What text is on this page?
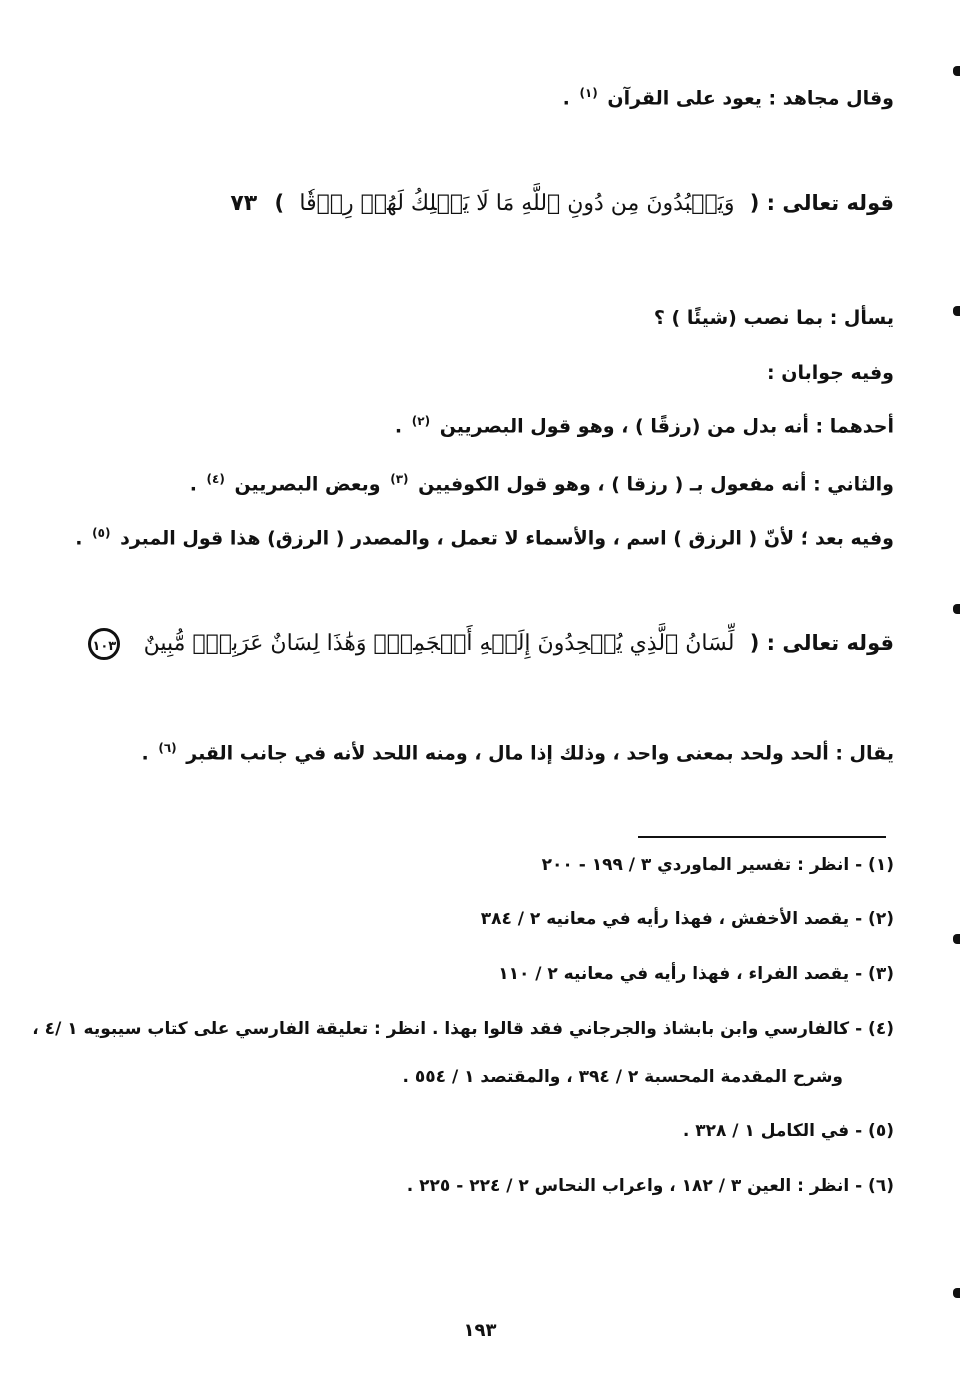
وقال مجاهد : يعود على القرآن $^{(١)}$ .
قوله تعالى : ( وَيَعۡبُدُونَ مِن دُونِ ٱللَّهِ مَا لَا يَمۡلِكُ لَهُمۡ رِزۡقٗا ) ٧٣
يسأل : بما نصب (شيئًا ) ؟
وفيه جوابان :
أحدهما : أنه بدل من (رزقًا ) ، وهو قول البصريين $^{(٢)}$ .
والثاني : أنه مفعول بـ ( رزقا ) ، وهو قول الكوفيين $^{(٣)}$ وبعض البصريين $^{(٤)}$ .
وفيه بعد ؛ لأنّ ( الرزق ) اسم ، والأسماء لا تعمل ، والمصدر ( الرزق) هذا قول المبرد $^{(٥)}$ .
قوله تعالى : ( لِّسَانُ ٱلَّذِي يُلۡحِدُونَ إِلَيۡهِ أَعۡجَمِيّٞ وَهَٰذَا لِسَانٌ عَرَبِيّٞ مُّبِينٌ ١٠٣
يقال : ألحد ولحد بمعنى واحد ، وذلك إذا مال ، ومنه اللحد لأنه في جانب القبر $^{(٦)}$ .
(١) - انظر : تفسير الماوردي ٣ / ١٩٩ - ٢٠٠
(٢) - يقصد الأخفش ، فهذا رأيه في معانيه ٢ / ٣٨٤
(٣) - يقصد الفراء ، فهذا رأيه في معانيه ٢ / ١١٠
(٤) - كالفارسي وابن بابشاذ والجرجاني فقد قالوا بهذا . انظر : تعليقة الفارسي على كتاب سيبويه ١ /٤ ،
وشرح المقدمة المحسبة ٢ / ٣٩٤ ، والمقتصد ١ / ٥٥٤ .
(٥) - في الكامل ١ / ٣٢٨ .
(٦) - انظر : العين ٣ / ١٨٢ ، واعراب النحاس ٢ / ٢٢٤ - ٢٢٥ .
١٩٣
